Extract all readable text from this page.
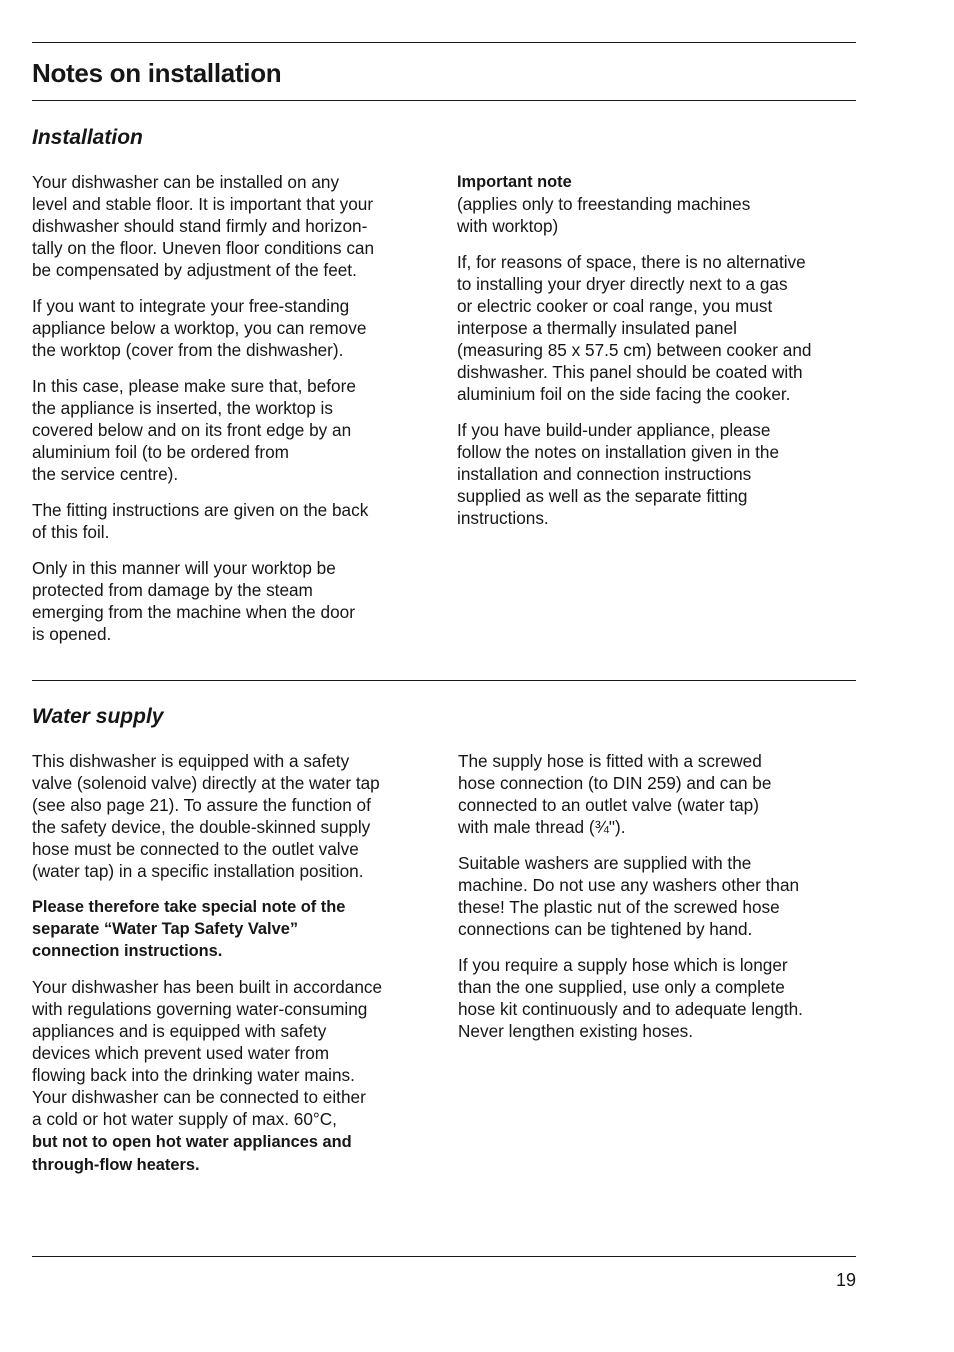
Notes on installation
Installation

Your dishwasher can be installed on any
level and stable floor. It is important that your
dishwasher should stand firmly and horizon-
tally on the floor. Uneven floor conditions can
be compensated by adjustment of the feet.

If you want to integrate your free-standing
appliance below a worktop, you can remove
the worktop (cover from the dishwasher).

In this case, please make sure that, before
the appliance is inserted, the worktop is
covered below and on its front edge by an
aluminium foil (to be ordered from
the service centre).

The fitting instructions are given on the back
of this foil.

Only in this manner will your worktop be
protected from damage by the steam
emerging from the machine when the door
is opened.

Important note

(applies only to freestanding machines
with worktop)

If, for reasons of space, there is no alternative
to installing your dryer directly next to a gas
or electric cooker or coal range, you must
interpose a thermally insulated panel
(measuring 85 x 57.5 cm) between cooker and
dishwasher. This panel should be coated with
aluminium foil on the side facing the cooker.

If you have build-under appliance, please
follow the notes on installation given in the
installation and connection instructions
supplied as well as the separate fitting
instructions.

Water supply

This dishwasher is equipped with a safety
valve (solenoid valve) directly at the water tap
(see also page 21). To assure the function of
the safety device, the double-skinned supply
hose must be connected to the outlet valve
(water tap) in a specific installation position.

Please therefore take special note of the
separate “Water Tap Safety Valve”
connection instructions.

Your dishwasher has been built in accordance
with regulations governing water-consuming
appliances and is equipped with safety
devices which prevent used water from
flowing back into the drinking water mains.
Your dishwasher can be connected to either
a cold or hot water supply of max. 60°C,
but not to open hot water appliances and
through-flow heaters.

The supply hose is fitted with a screwed
hose connection (to DIN 259) and can be
connected to an outlet valve (water tap)
with male thread (¾").

Suitable washers are supplied with the
machine. Do not use any washers other than
these! The plastic nut of the screwed hose
connections can be tightened by hand.

If you require a supply hose which is longer
than the one supplied, use only a complete
hose kit continuously and to adequate length.
Never lengthen existing hoses.

19
